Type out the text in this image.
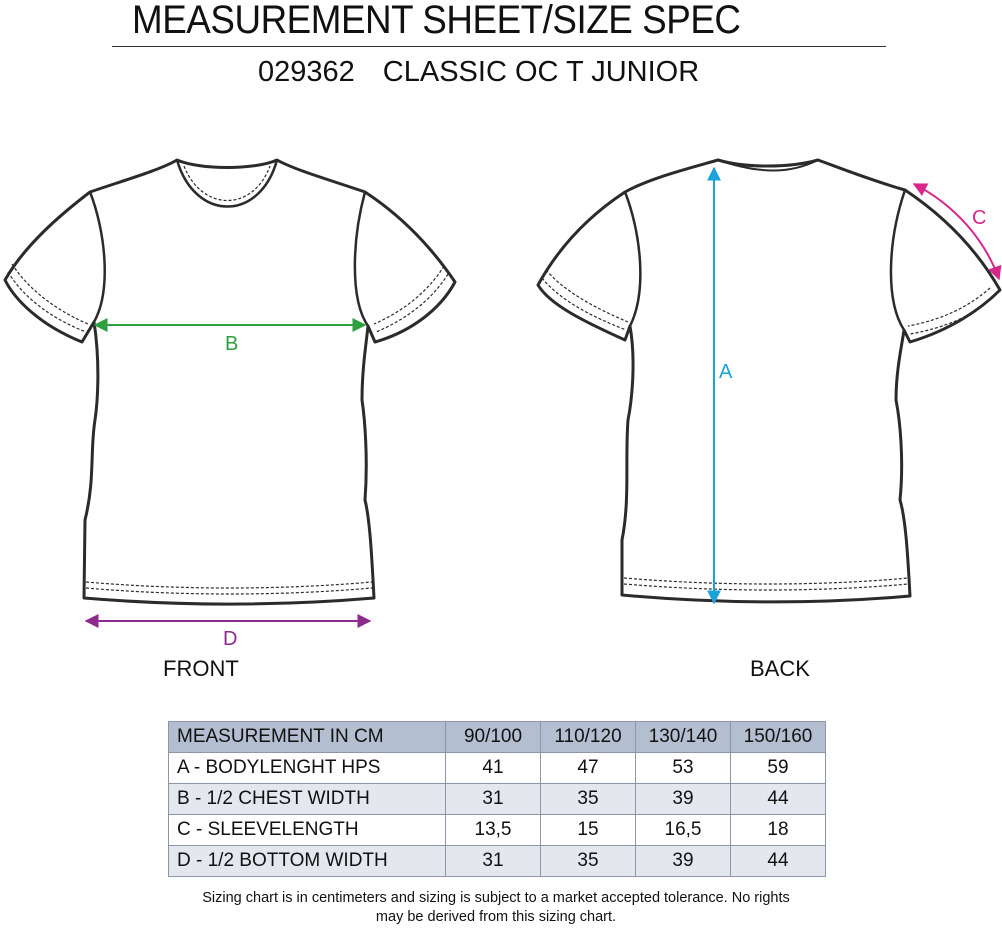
MEASUREMENT SHEET/SIZE SPEC
029362 CLASSIC OC T JUNIOR
B
A
C
D
FRONT	BACK
MEASUREMENT IN CM	90/100	110/120	130/140	150/160
A - BODYLENGHT HPS	41	47	53	59
B - 1/2 CHEST WIDTH	31	35	39	44
C - SLEEVELENGTH	13,5	15	16,5	18
D - 1/2 BOTTOM WIDTH	31	35	39	44
Sizing chart is in centimeters and sizing is subject to a market accepted tolerance. No rights
may be derived from this sizing chart.
